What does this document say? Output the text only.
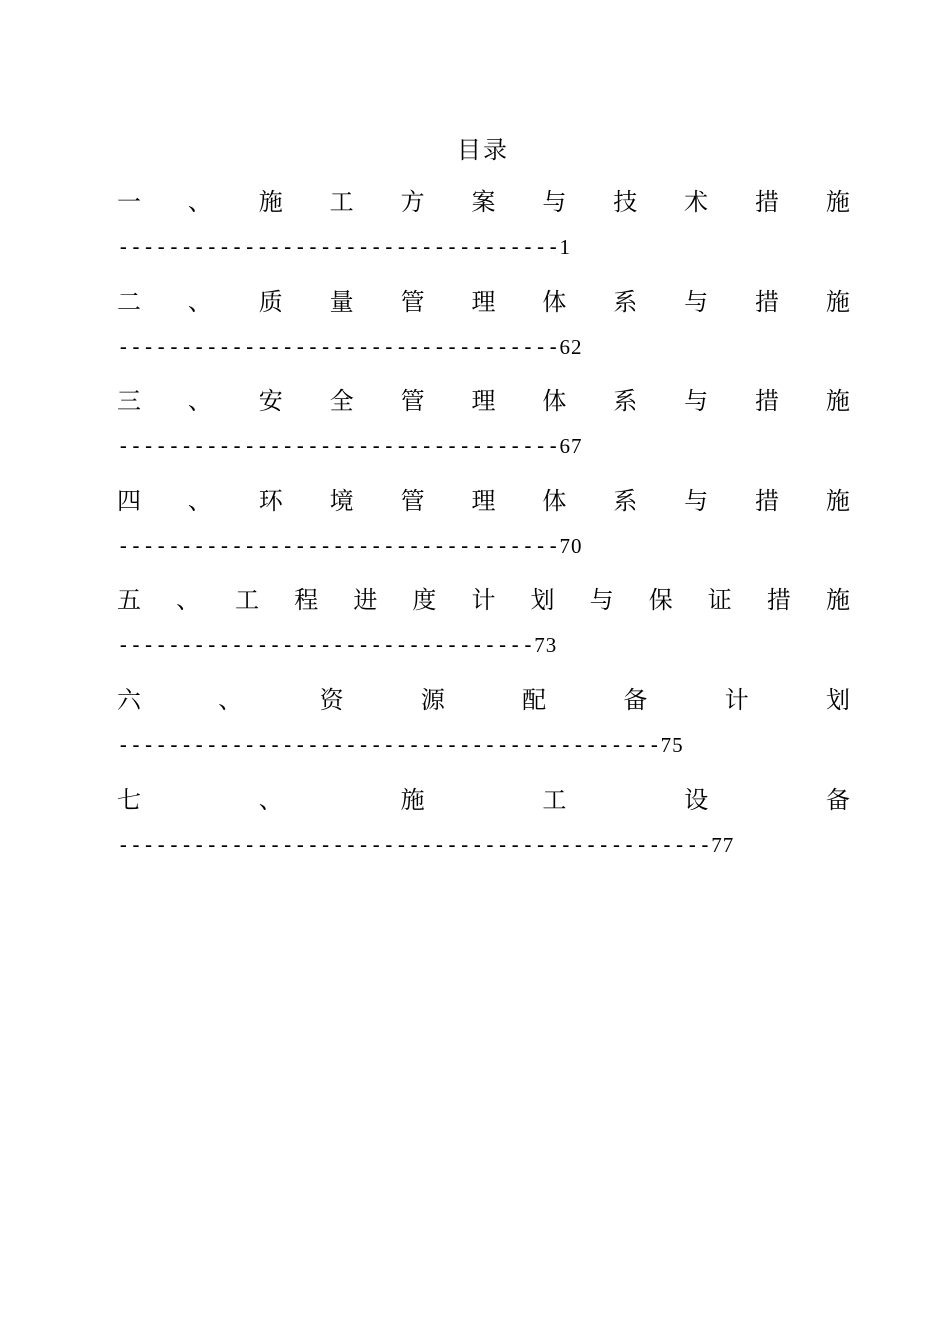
目录
一 、 施 工 方 案 与 技 术 措 施
-----------------------------------1
二 、 质 量 管 理 体 系 与 措 施
-----------------------------------62
三 、 安 全 管 理 体 系 与 措 施
-----------------------------------67
四 、 环 境 管 理 体 系 与 措 施
-----------------------------------70
五 、 工 程 进 度 计 划 与 保 证 措 施
---------------------------------73
六	、	资	源	配	备	计	划
-------------------------------------------75
七	、	施	工	设	备
-----------------------------------------------77
